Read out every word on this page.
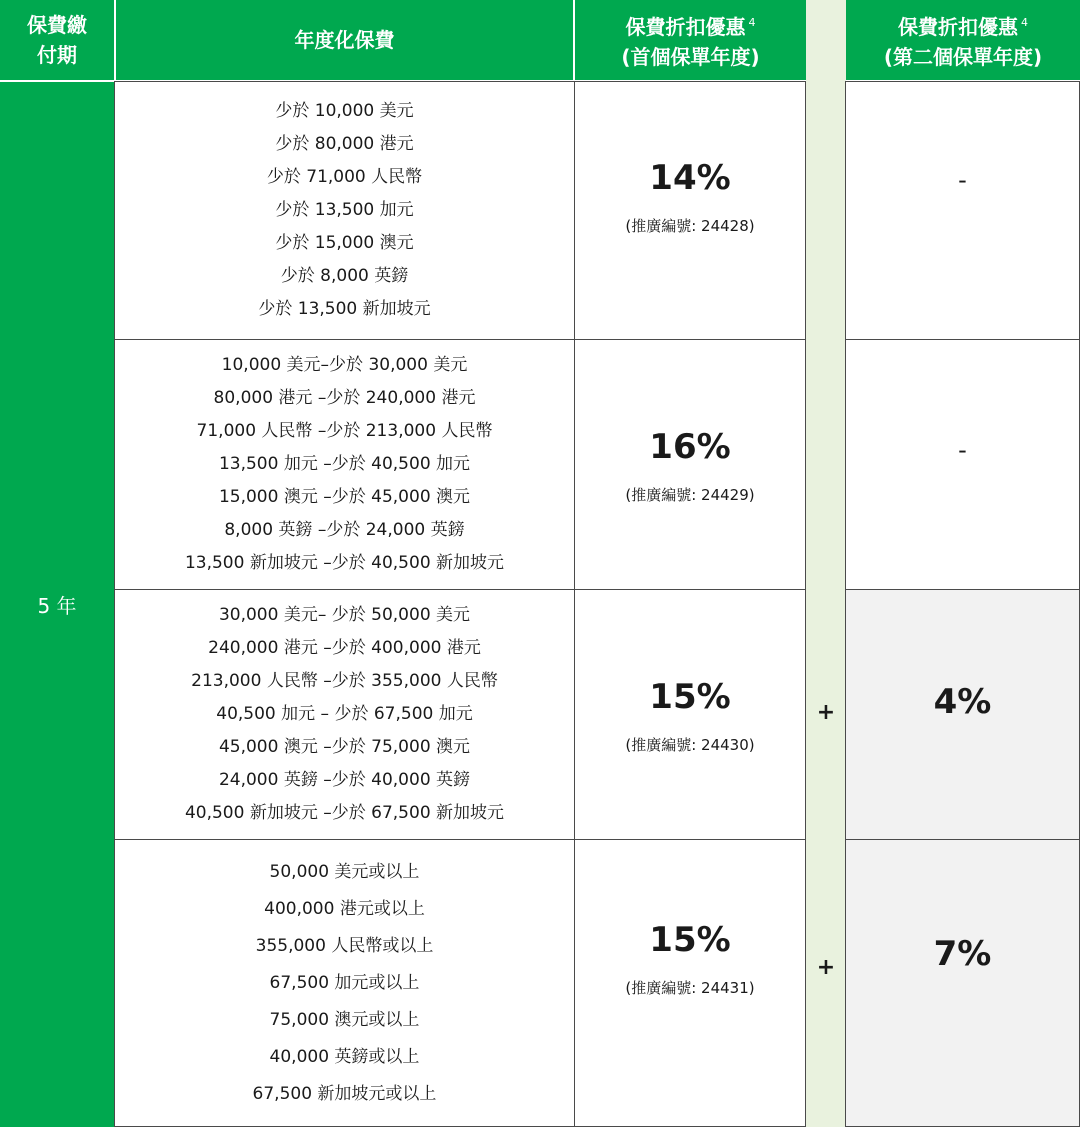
保費繳
付期
年度化保費
保費折扣優惠 $^4$
(首個保單年度)
保費折扣優惠 $^4$
(第二個保單年度)
5 年
少於 10,000 美元
少於 80,000 港元
少於 71,000 人民幣
少於 13,500 加元
少於 15,000 澳元
少於 8,000 英鎊
少於 13,500 新加坡元
14%
(推廣編號: 24428)
-
10,000 美元–少於 30,000 美元
80,000 港元 –少於 240,000 港元
71,000 人民幣 –少於 213,000 人民幣
13,500 加元 –少於 40,500 加元
15,000 澳元 –少於 45,000 澳元
8,000 英鎊 –少於 24,000 英鎊
13,500 新加坡元 –少於 40,500 新加坡元
16%
(推廣編號: 24429)
-
30,000 美元– 少於 50,000 美元
240,000 港元 –少於 400,000 港元
213,000 人民幣 –少於 355,000 人民幣
40,500 加元 – 少於 67,500 加元
45,000 澳元 –少於 75,000 澳元
24,000 英鎊 –少於 40,000 英鎊
40,500 新加坡元 –少於 67,500 新加坡元
15%
(推廣編號: 24430)
+	4%
50,000 美元或以上
400,000 港元或以上
355,000 人民幣或以上
67,500 加元或以上
75,000 澳元或以上
40,000 英鎊或以上
67,500 新加坡元或以上
15%
(推廣編號: 24431)
+	7%
